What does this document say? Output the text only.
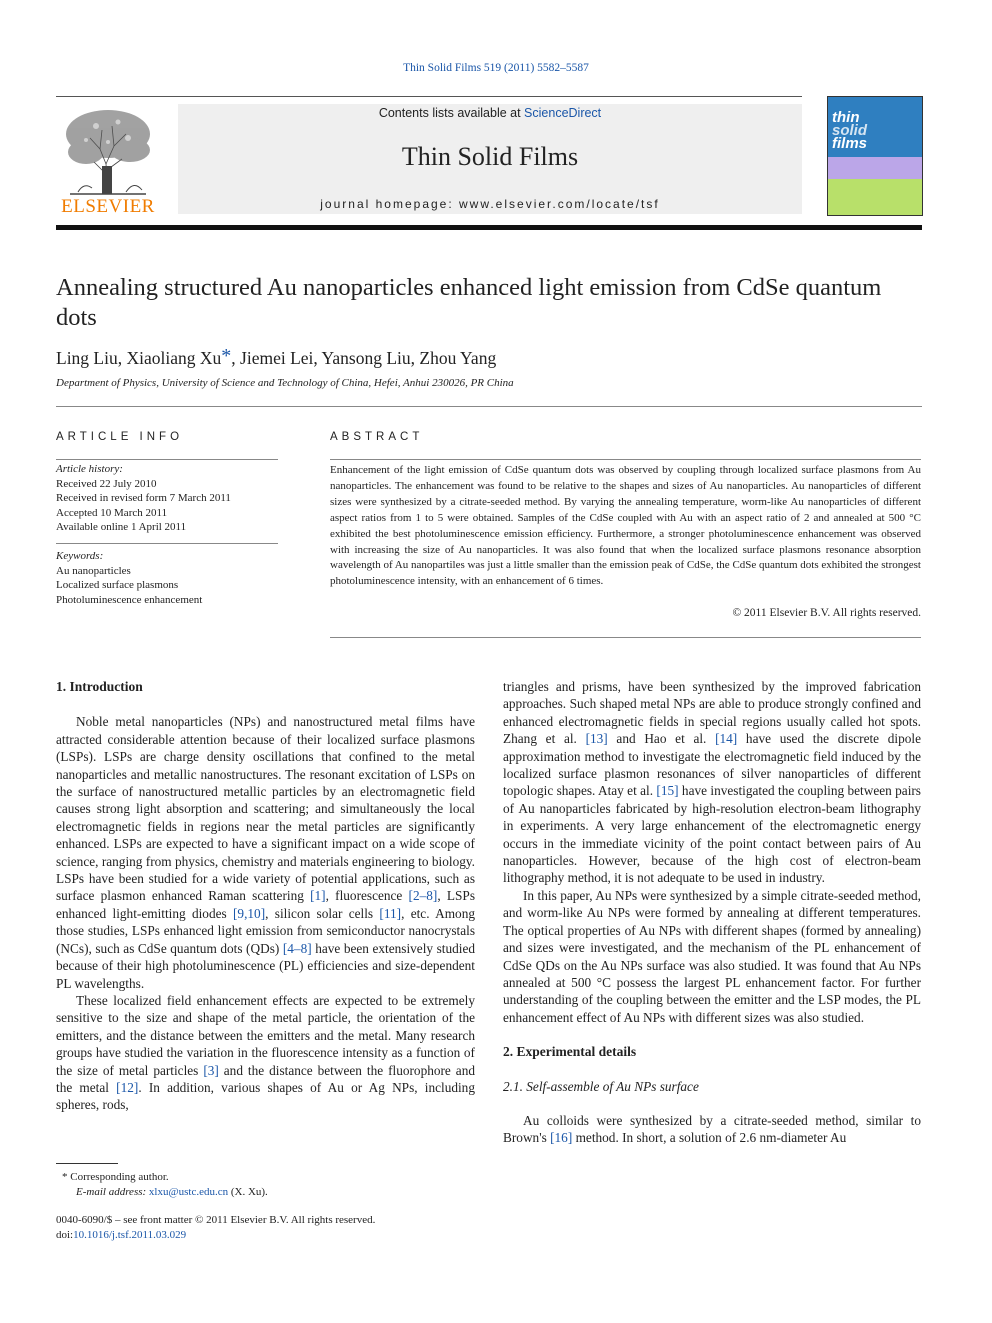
Thin Solid Films 519 (2011) 5582–5587
Contents lists available at ScienceDirect
Thin Solid Films
journal homepage: www.elsevier.com/locate/tsf
ELSEVIER
thin
solid
films
Annealing structured Au nanoparticles enhanced light emission from CdSe quantum dots
Ling Liu, Xiaoliang Xu*, Jiemei Lei, Yansong Liu, Zhou Yang
Department of Physics, University of Science and Technology of China, Hefei, Anhui 230026, PR China
ARTICLE INFO
Article history:
Received 22 July 2010
Received in revised form 7 March 2011
Accepted 10 March 2011
Available online 1 April 2011
Keywords:
Au nanoparticles
Localized surface plasmons
Photoluminescence enhancement
ABSTRACT
Enhancement of the light emission of CdSe quantum dots was observed by coupling through localized surface plasmons from Au nanoparticles. The enhancement was found to be relative to the shapes and sizes of Au nanoparticles. Au nanoparticles of different sizes were synthesized by a citrate-seeded method. By varying the annealing temperature, worm-like Au nanoparticles of different aspect ratios from 1 to 5 were obtained. Samples of the CdSe coupled with Au with an aspect ratio of 2 and annealed at 500 °C exhibited the best photoluminescence emission efficiency. Furthermore, a stronger photoluminescence enhancement was observed with increasing the size of Au nanoparticles. It was also found that when the localized surface plasmons resonance absorption wavelength of Au nanopartiles was just a little smaller than the emission peak of CdSe, the CdSe quantum dots exhibited the strongest photoluminescence intensity, with an enhancement of 6 times.
© 2011 Elsevier B.V. All rights reserved.

1. Introduction

Noble metal nanoparticles (NPs) and nanostructured metal films have attracted considerable attention because of their localized surface plasmons (LSPs). LSPs are charge density oscillations that confined to the metal nanoparticles and metallic nanostructures. The resonant excitation of LSPs on the surface of nanostructured metallic particles by an electromagnetic field causes strong light absorption and scattering; and simultaneously the local electromagnetic fields in regions near the metal particles are significantly enhanced. LSPs are expected to have a significant impact on a wide scope of science, ranging from physics, chemistry and materials engineering to biology. LSPs have been studied for a wide variety of potential applications, such as surface plasmon enhanced Raman scattering [1], fluorescence [2–8], LSPs enhanced light-emitting diodes [9,10], silicon solar cells [11], etc. Among those studies, LSPs enhanced light emission from semiconductor nanocrystals (NCs), such as CdSe quantum dots (QDs) [4–8] have been extensively studied because of their high photoluminescence (PL) efficiencies and size-dependent PL wavelengths.

These localized field enhancement effects are expected to be extremely sensitive to the size and shape of the metal particle, the orientation of the emitters, and the distance between the emitters and the metal. Many research groups have studied the variation in the fluorescence intensity as a function of the size of metal particles [3] and the distance between the fluorophore and the metal [12]. In addition, various shapes of Au or Ag NPs, including spheres, rods,

triangles and prisms, have been synthesized by the improved fabrication approaches. Such shaped metal NPs are able to produce strongly confined and enhanced electromagnetic fields in special regions usually called hot spots. Zhang et al. [13] and Hao et al. [14] have used the discrete dipole approximation method to investigate the electromagnetic field induced by the localized surface plasmon resonances of silver nanoparticles of different topologic shapes. Atay et al. [15] have investigated the coupling between pairs of Au nanoparticles fabricated by high-resolution electron-beam lithography in experiments. A very large enhancement of the electromagnetic energy occurs in the immediate vicinity of the point contact between pairs of Au nanoparticles. However, because of the high cost of electron-beam lithography method, it is not adequate to be used in industry.

In this paper, Au NPs were synthesized by a simple citrate-seeded method, and worm-like Au NPs were formed by annealing at different temperatures. The optical properties of Au NPs with different shapes (formed by annealing) and sizes were investigated, and the mechanism of the PL enhancement of CdSe QDs on the Au NPs surface was also studied. It was found that Au NPs annealed at 500 °C possess the largest PL enhancement factor. For further understanding of the coupling between the emitter and the LSP modes, the PL enhancement effect of Au NPs with different sizes was also studied.

2. Experimental details

2.1. Self-assemble of Au NPs surface

Au colloids were synthesized by a citrate-seeded method, similar to Brown's [16] method. In short, a solution of 2.6 nm-diameter Au

* Corresponding author.
E-mail address: xlxu@ustc.edu.cn (X. Xu).
0040-6090/$ – see front matter © 2011 Elsevier B.V. All rights reserved.
doi:10.1016/j.tsf.2011.03.029
